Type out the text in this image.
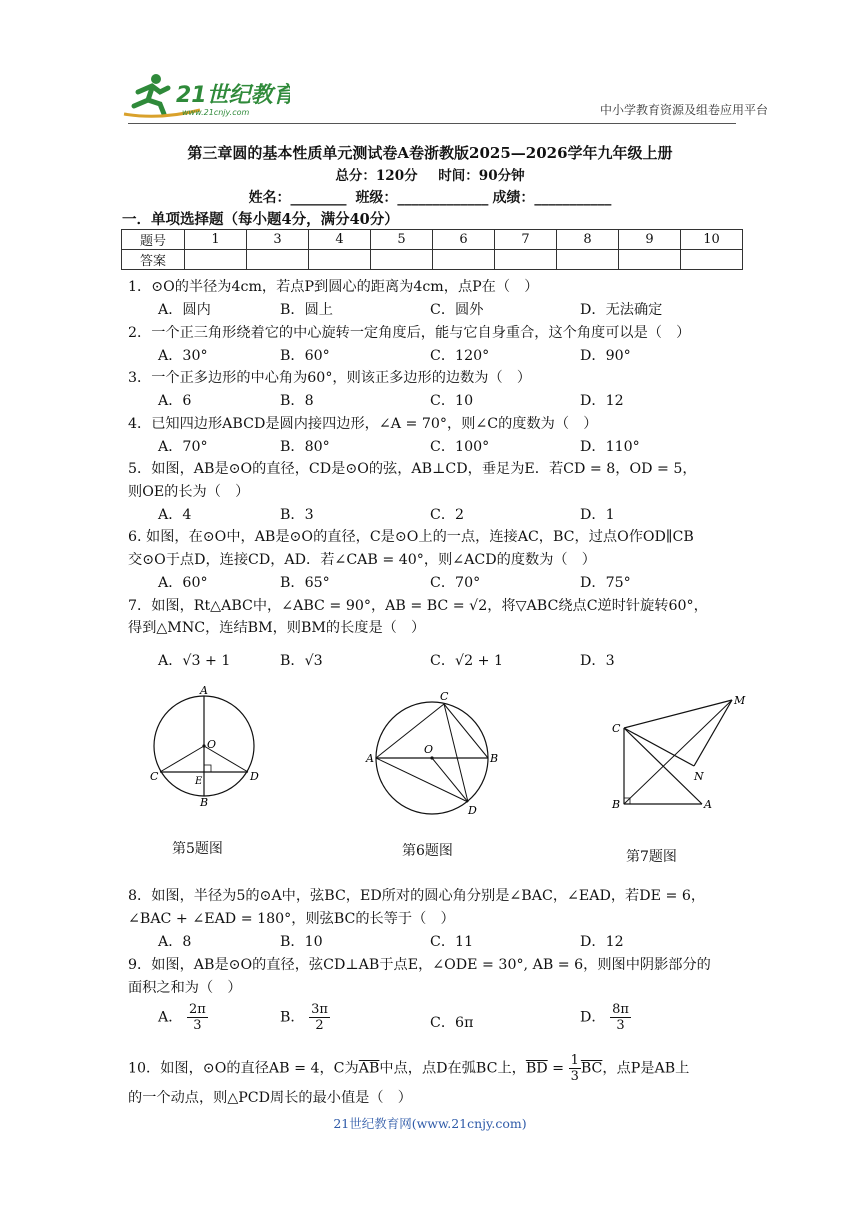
21世纪教育
www.21cnjy.com	中小学教育资源及组卷应用平台
第三章圆的基本性质单元测试卷A卷浙教版2025—2026学年九年级上册
总分：120分 时间：90分钟
姓名：________ 班级：_____________ 成绩：___________
一．单项选择题（每小题4分，满分40分）
题号	1	3	4	5	6	7	8	9	10
答案									
1．⊙O的半径为4cm，若点P到圆心的距离为4cm，点P在（　）
A．圆内	B．圆上	C．圆外	D．无法确定
2．一个正三角形绕着它的中心旋转一定角度后，能与它自身重合，这个角度可以是（　）
A．30°	B．60°	C．120°	D．90°
3．一个正多边形的中心角为60°，则该正多边形的边数为（　）
A．6	B．8	C．10	D．12
4．已知四边形ABCD是圆内接四边形，∠A = 70°，则∠C的度数为（　）
A．70°	B．80°	C．100°	D．110°
5．如图，AB是⊙O的直径，CD是⊙O的弦，AB⊥CD，垂足为E．若CD = 8，OD = 5，
则OE的长为（　）
A．4	B．3	C．2	D．1
6. 如图，在⊙O中，AB是⊙O的直径，C是⊙O上的一点，连接AC，BC，过点O作OD∥CB
交⊙O于点D，连接CD，AD．若∠CAB = 40°，则∠ACD的度数为（　）
A．60°	B．65°	C．70°	D．75°
7．如图，Rt△ABC中，∠ABC = 90°，AB = BC = √2，将▽ABC绕点C逆时针旋转60°，
得到△MNC，连结BM，则BM的长度是（　）
A．√3 + 1	B．√3	C．√2 + 1	D．3
A
O
C	E	D
B
第5题图
C
A
O
B
D
第6题图
M
C
N
B	A
第7题图
8．如图，半径为5的⊙A中，弦BC，ED所对的圆心角分别是∠BAC，∠EAD，若DE = 6，
∠BAC + ∠EAD = 180°，则弦BC的长等于（　）
A．8	B．10	C．11	D．12
9．如图，AB是⊙O的直径，弦CD⊥AB于点E，∠ODE = 30°, AB = 6，则图中阴影部分的
面积之和为（　）
A． $\frac{2\pi}{3}$	B． $\frac{3\pi}{2}$	C．6π	D． $\frac{8\pi}{3}$
10．如图，⊙O的直径AB = 4，C为$\overline{AB}$中点，点D在弧BC上，$\overline{BD} = \frac{1}{3} \overline{BC}$，点P是AB上
的一个动点，则△PCD周长的最小值是（　）
21世纪教育网(www.21cnjy.com)
